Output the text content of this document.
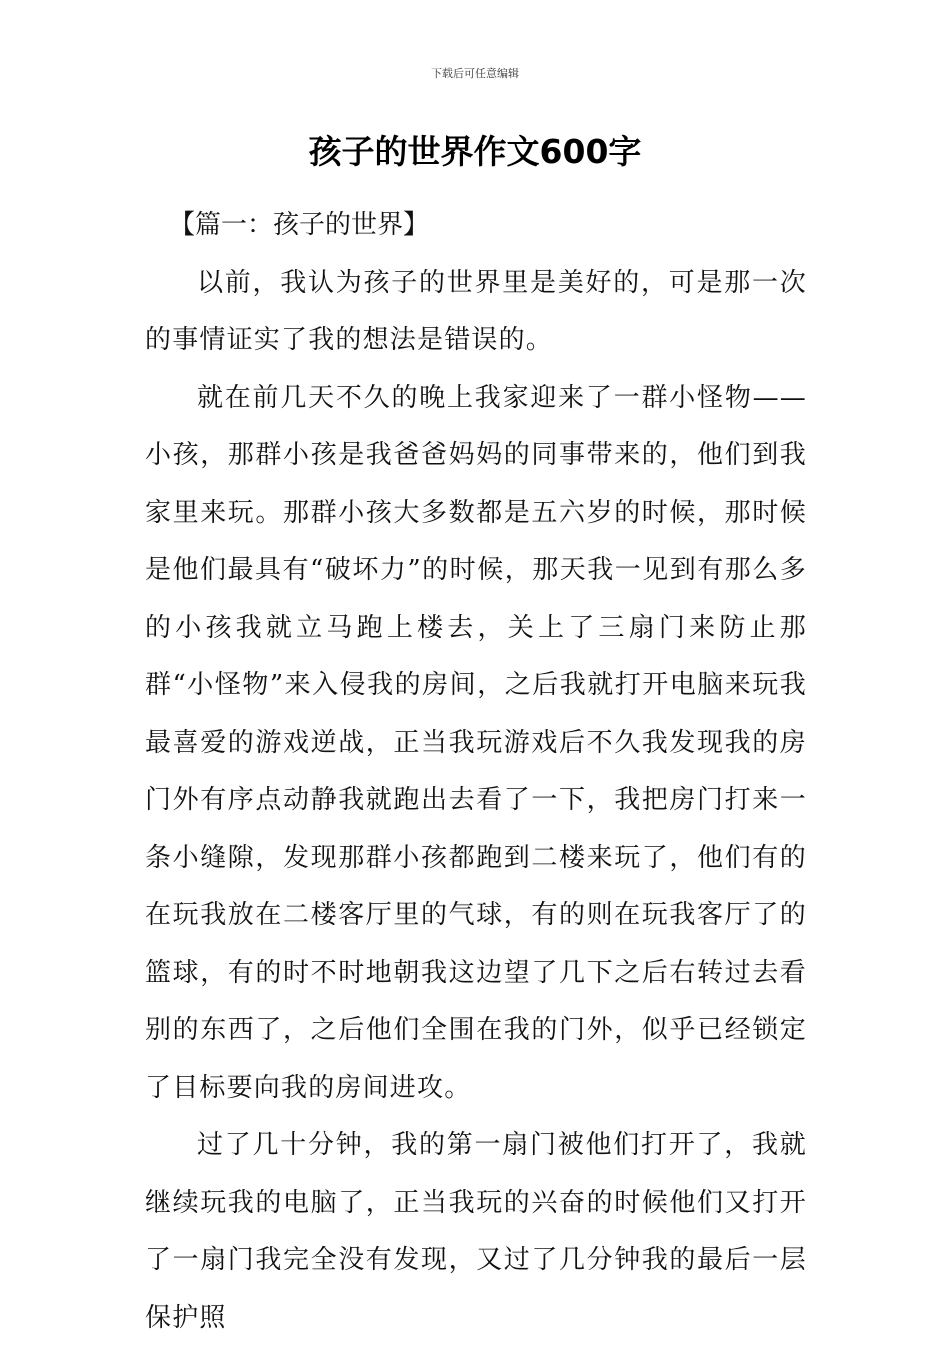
下载后可任意编辑
孩子的世界作文600字

【篇一：孩子的世界】

以前，我认为孩子的世界里是美好的，可是那一次的事情证实了我的想法是错误的。

就在前几天不久的晚上我家迎来了一群小怪物——小孩，那群小孩是我爸爸妈妈的同事带来的，他们到我家里来玩。那群小孩大多数都是五六岁的时候，那时候是他们最具有“破坏力”的时候，那天我一见到有那么多的小孩我就立马跑上楼去，关上了三扇门来防止那群“小怪物”来入侵我的房间，之后我就打开电脑来玩我最喜爱的游戏逆战，正当我玩游戏后不久我发现我的房门外有序点动静我就跑出去看了一下，我把房门打来一条小缝隙，发现那群小孩都跑到二楼来玩了，他们有的在玩我放在二楼客厅里的气球，有的则在玩我客厅了的篮球，有的时不时地朝我这边望了几下之后右转过去看别的东西了，之后他们全围在我的门外，似乎已经锁定了目标要向我的房间进攻。

过了几十分钟，我的第一扇门被他们打开了，我就继续玩我的电脑了，正当我玩的兴奋的时候他们又打开了一扇门我完全没有发现，又过了几分钟我的最后一层保护照
